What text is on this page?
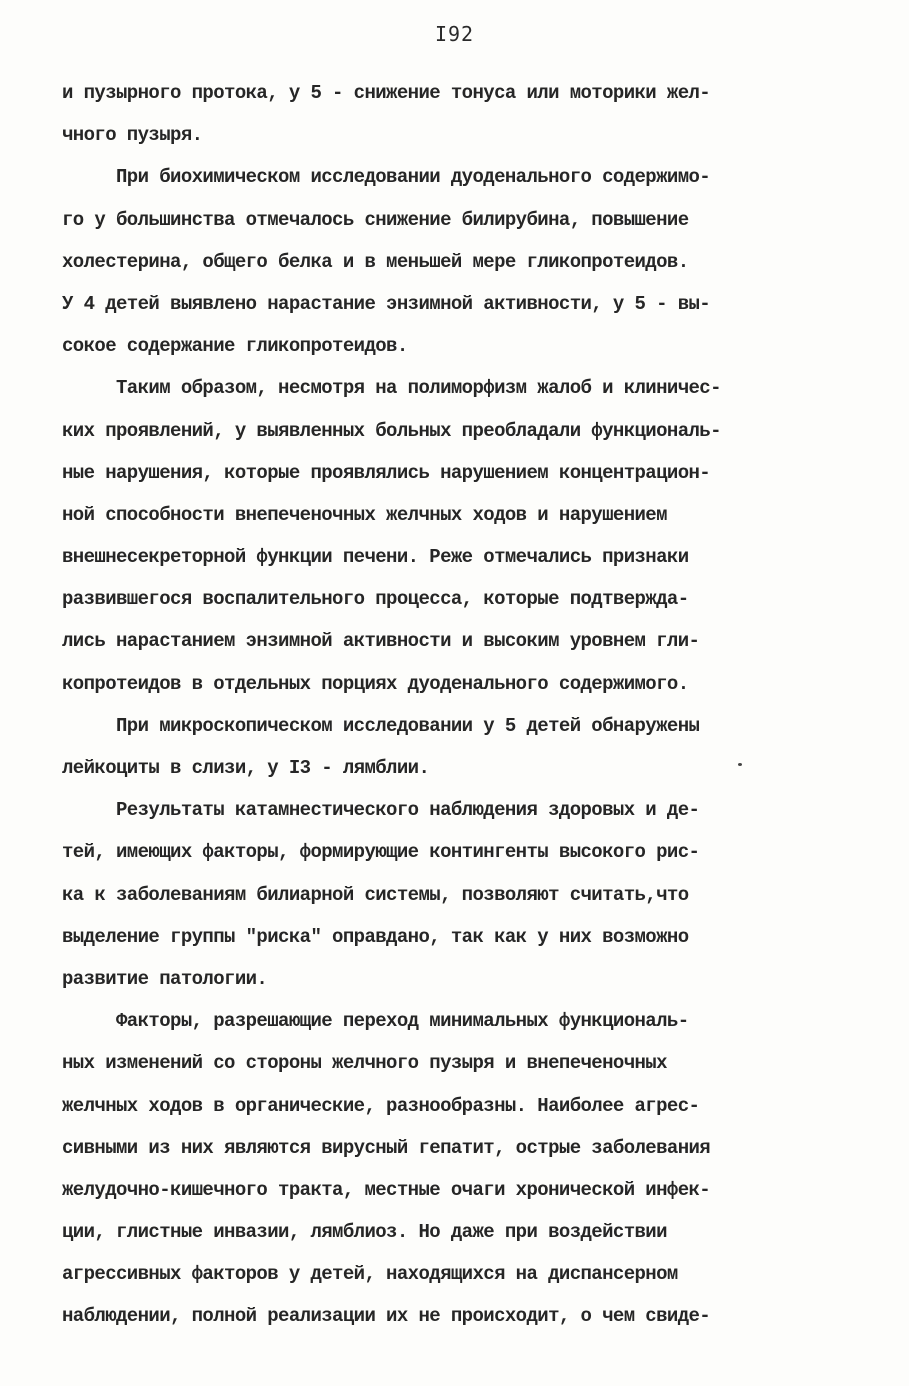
I92
и пузырного протока, у 5 - снижение тонуса или моторики жел-
чного пузыря.
При биохимическом исследовании дуоденального содержимо-
го у большинства отмечалось снижение билирубина, повышение
холестерина, общего белка и в меньшей мере гликопротеидов.
У 4 детей выявлено нарастание энзимной активности, у 5 - вы-
сокое содержание гликопротеидов.
Таким образом, несмотря на полиморфизм жалоб и клиничес-
ких проявлений, у выявленных больных преобладали функциональ-
ные нарушения, которые проявлялись нарушением концентрацион-
ной способности внепеченочных желчных ходов и нарушением
внешнесекреторной функции печени. Реже отмечались признаки
развившегося воспалительного процесса, которые подтвержда-
лись нарастанием энзимной активности и высоким уровнем гли-
копротеидов в отдельных порциях дуоденального содержимого.
При микроскопическом исследовании у 5 детей обнаружены
лейкоциты в слизи, у I3 - лямблии.
Результаты катамнестического наблюдения здоровых и де-
тей, имеющих факторы, формирующие контингенты высокого рис-
ка к заболеваниям билиарной системы, позволяют считать,что
выделение группы "риска" оправдано, так как у них возможно
развитие патологии.
Факторы, разрешающие переход минимальных функциональ-
ных изменений со стороны желчного пузыря и внепеченочных
желчных ходов в органические, разнообразны. Наиболее агрес-
сивными из них являются вирусный гепатит, острые заболевания
желудочно-кишечного тракта, местные очаги хронической инфек-
ции, глистные инвазии, лямблиоз. Но даже при воздействии
агрессивных факторов у детей, находящихся на диспансерном
наблюдении, полной реализации их не происходит, о чем свиде-
